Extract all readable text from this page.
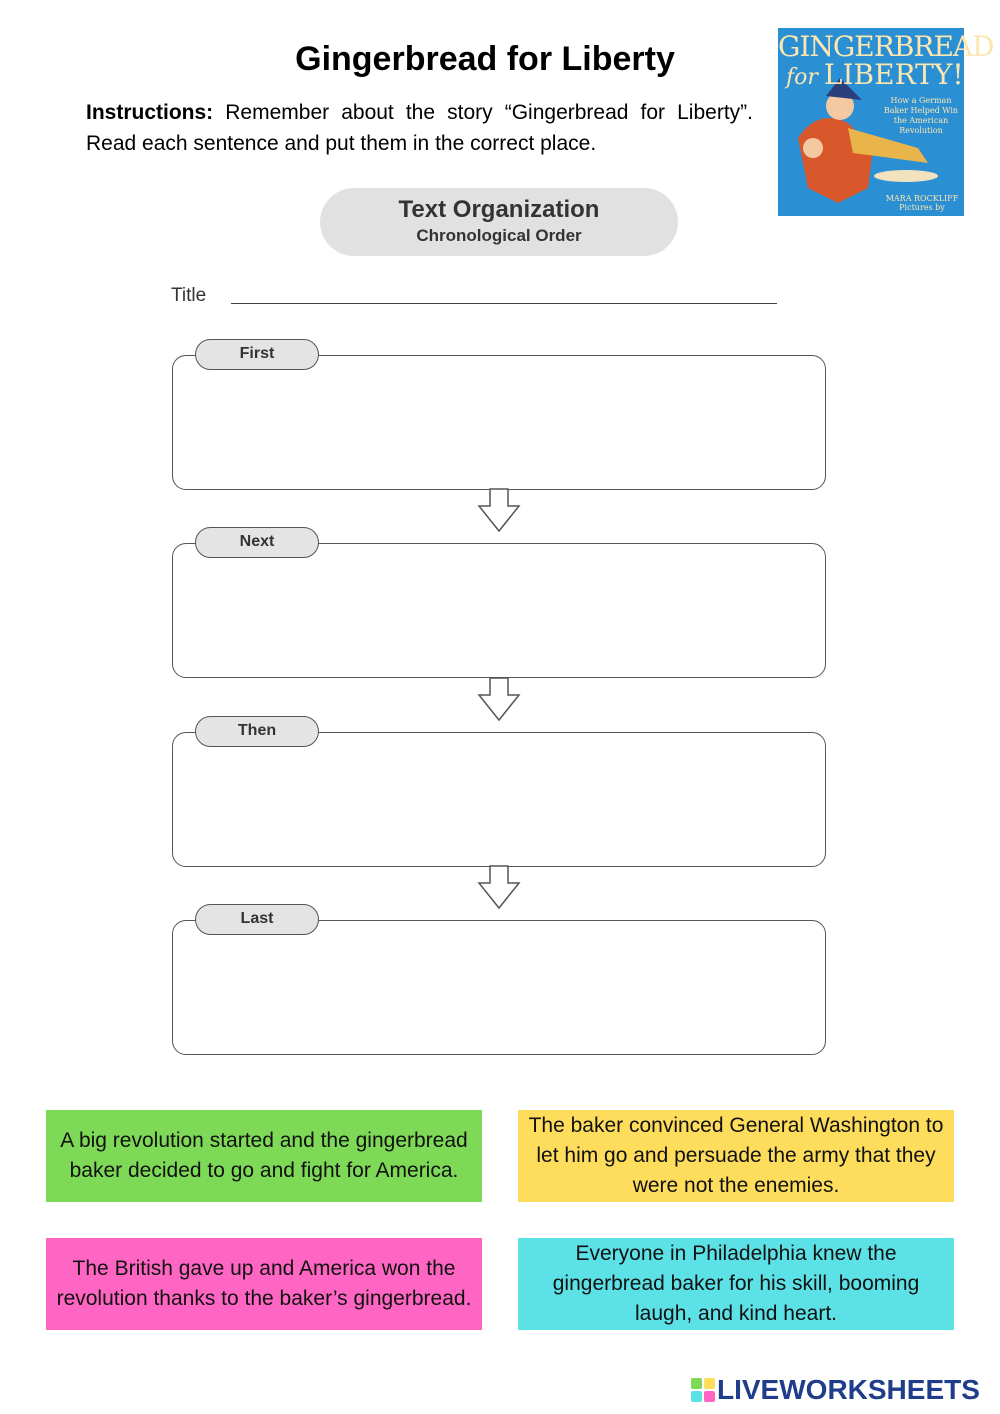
Gingerbread for Liberty
Instructions: Remember about the story “Gingerbread for Liberty”. Read each sentence and put them in the correct place.
GINGERBREAD
for LIBERTY!
How a German Baker Helped Win the American Revolution
MARA ROCKLIFF
Pictures by
Text Organization
Chronological Order
Title
First
Next
Then
Last
A big revolution started and the gingerbread baker decided to go and fight for America.
The baker convinced General Washington to let him go and persuade the army that they were not the enemies.
The British gave up and America won the revolution thanks to the baker’s gingerbread.
Everyone in Philadelphia knew the gingerbread baker for his skill, booming laugh, and kind heart.
LIVEWORKSHEETS
